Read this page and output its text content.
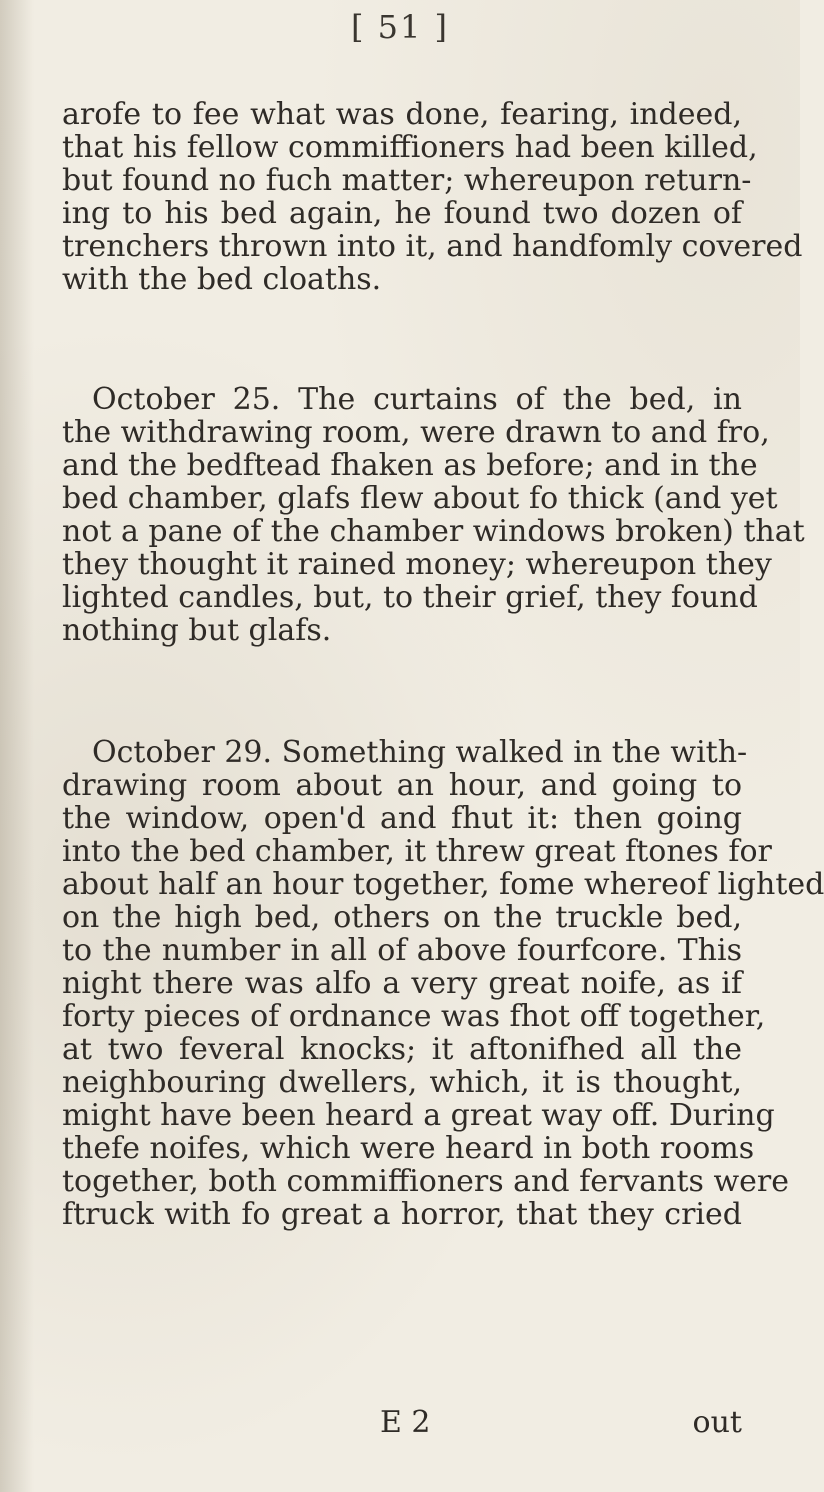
[ 51 ]
arofe to fee what was done, fearing, indeed,
that his fellow commiffioners had been killed,
but found no fuch matter; whereupon return-
ing to his bed again, he found two dozen of
trenchers thrown into it, and handfomly covered
with the bed cloaths.
October 25. The curtains of the bed, in
the withdrawing room, were drawn to and fro,
and the bedftead fhaken as before; and in the
bed chamber, glafs flew about fo thick (and yet
not a pane of the chamber windows broken) that
they thought it rained money; whereupon they
lighted candles, but, to their grief, they found
nothing but glafs.
October 29. Something walked in the with-
drawing room about an hour, and going to
the window, open'd and fhut it: then going
into the bed chamber, it threw great ftones for
about half an hour together, fome whereof lighted
on the high bed, others on the truckle bed,
to the number in all of above fourfcore. This
night there was alfo a very great noife, as if
forty pieces of ordnance was fhot off together,
at two feveral knocks; it aftonifhed all the
neighbouring dwellers, which, it is thought,
might have been heard a great way off. During
thefe noifes, which were heard in both rooms
together, both commiffioners and fervants were
ftruck with fo great a horror, that they cried
E 2	out
